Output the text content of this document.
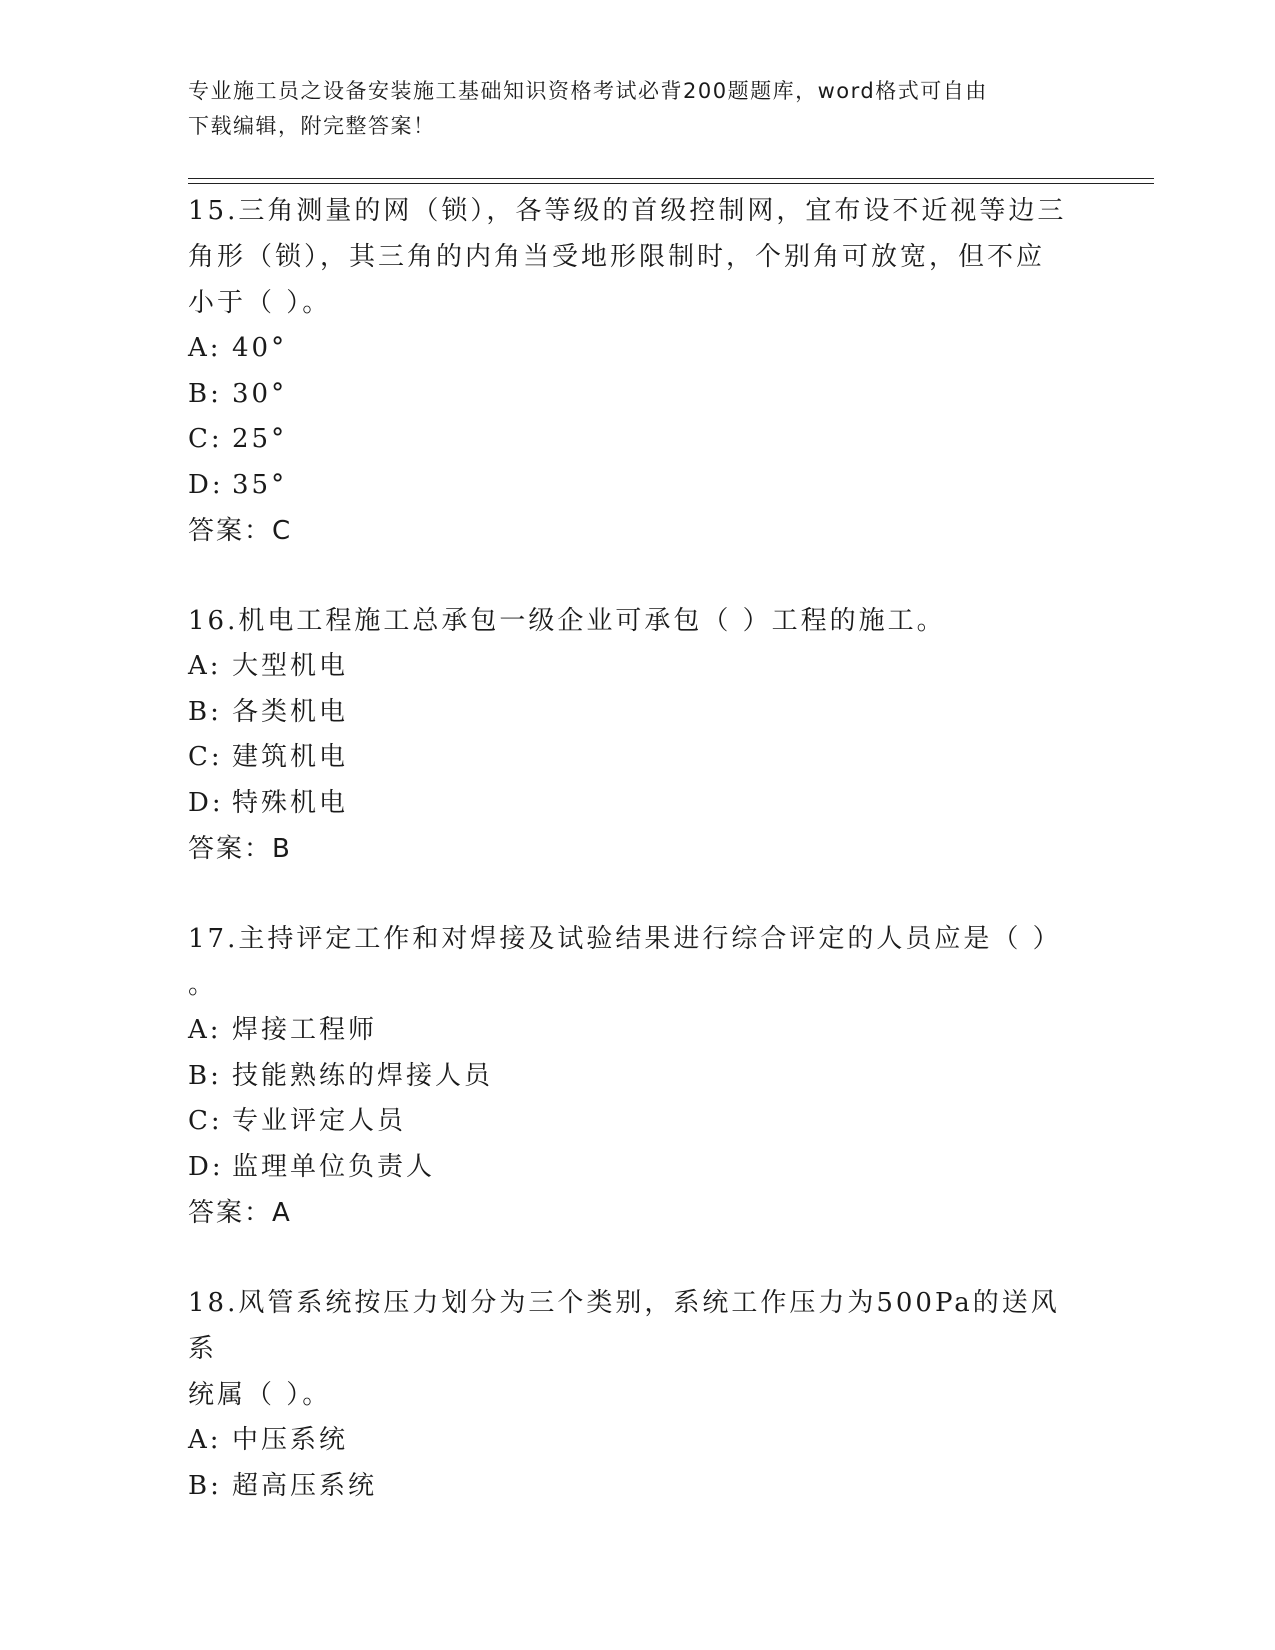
专业施工员之设备安装施工基础知识资格考试必背200题题库，word格式可自由
下载编辑，附完整答案！

15.三角测量的网（锁），各等级的首级控制网，宜布设不近视等边三

角形（锁），其三角的内角当受地形限制时，个别角可放宽，但不应

小于（ ）。

A: 40°
B: 30°
C: 25°
D: 35°
答案：C

16.机电工程施工总承包一级企业可承包（ ）工程的施工。

A: 大型机电
B: 各类机电
C: 建筑机电
D: 特殊机电
答案：B

17.主持评定工作和对焊接及试验结果进行综合评定的人员应是（ ）

。

A: 焊接工程师
B: 技能熟练的焊接人员
C: 专业评定人员
D: 监理单位负责人
答案：A

18.风管系统按压力划分为三个类别，系统工作压力为500Pa的送风系

统属（ ）。

A: 中压系统
B: 超高压系统
